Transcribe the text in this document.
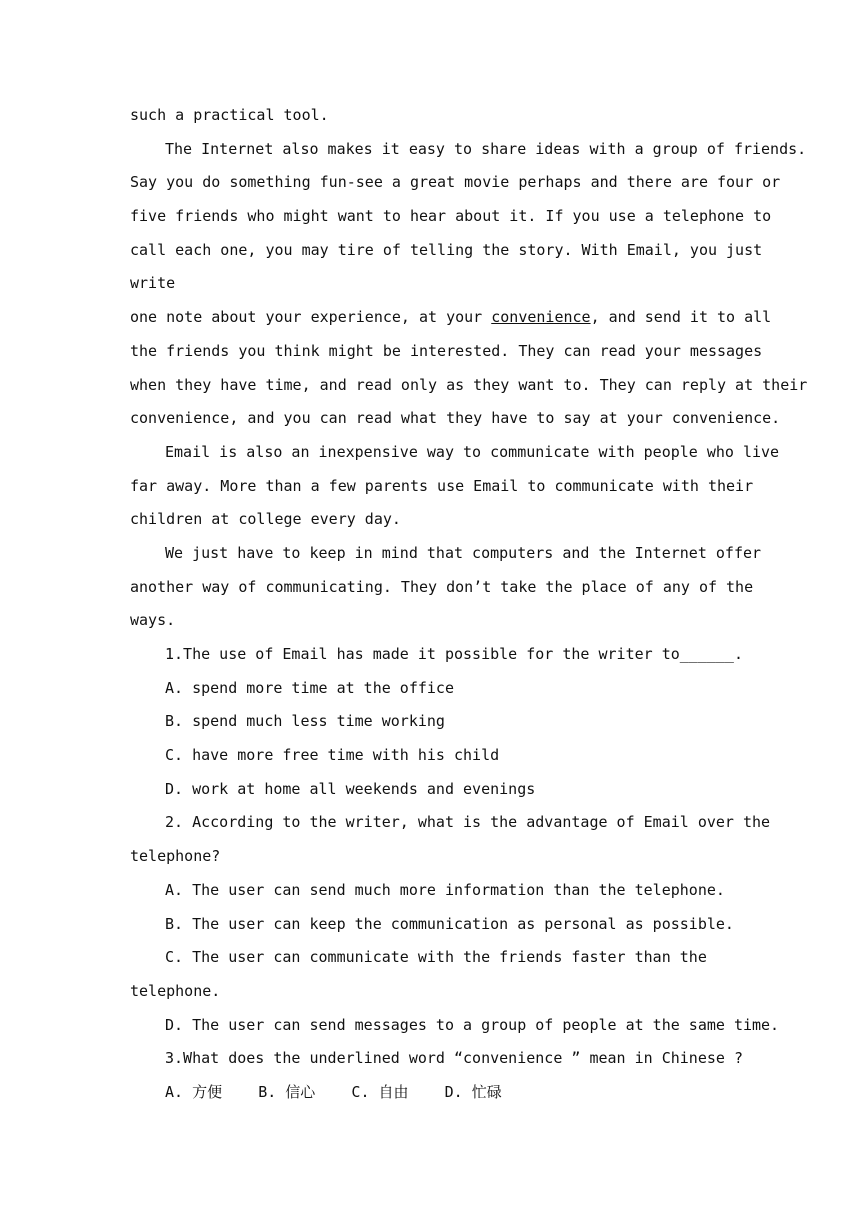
such a practical tool.
The Internet also makes it easy to share ideas with a group of friends.
Say you do something fun-see a great movie perhaps and there are four or
five friends who might want to hear about it. If you use a telephone to
call each one, you may tire of telling the story. With Email, you just
write
one note about your experience, at your convenience, and send it to all
the friends you think might be interested. They can read your messages
when they have time, and read only as they want to. They can reply at their
convenience, and you can read what they have to say at your convenience.
Email is also an inexpensive way to communicate with people who live
far away. More than a few parents use Email to communicate with their
children at college every day.
We just have to keep in mind that computers and the Internet offer
another way of communicating. They don’t take the place of any of the
ways.
1.The use of Email has made it possible for the writer to______.
A. spend more time at the office
B. spend much less time working
C. have more free time with his child
D. work at home all weekends and evenings
2. According to the writer, what is the advantage of Email over the
telephone?
A. The user can send much more information than the telephone.
B. The user can keep the communication as personal as possible.
C. The user can communicate with the friends faster than the
telephone.
D. The user can send messages to a group of people at the same time.
3.What does the underlined word “convenience ” mean in Chinese ?
A. 方便    B. 信心    C. 自由    D. 忙碌
